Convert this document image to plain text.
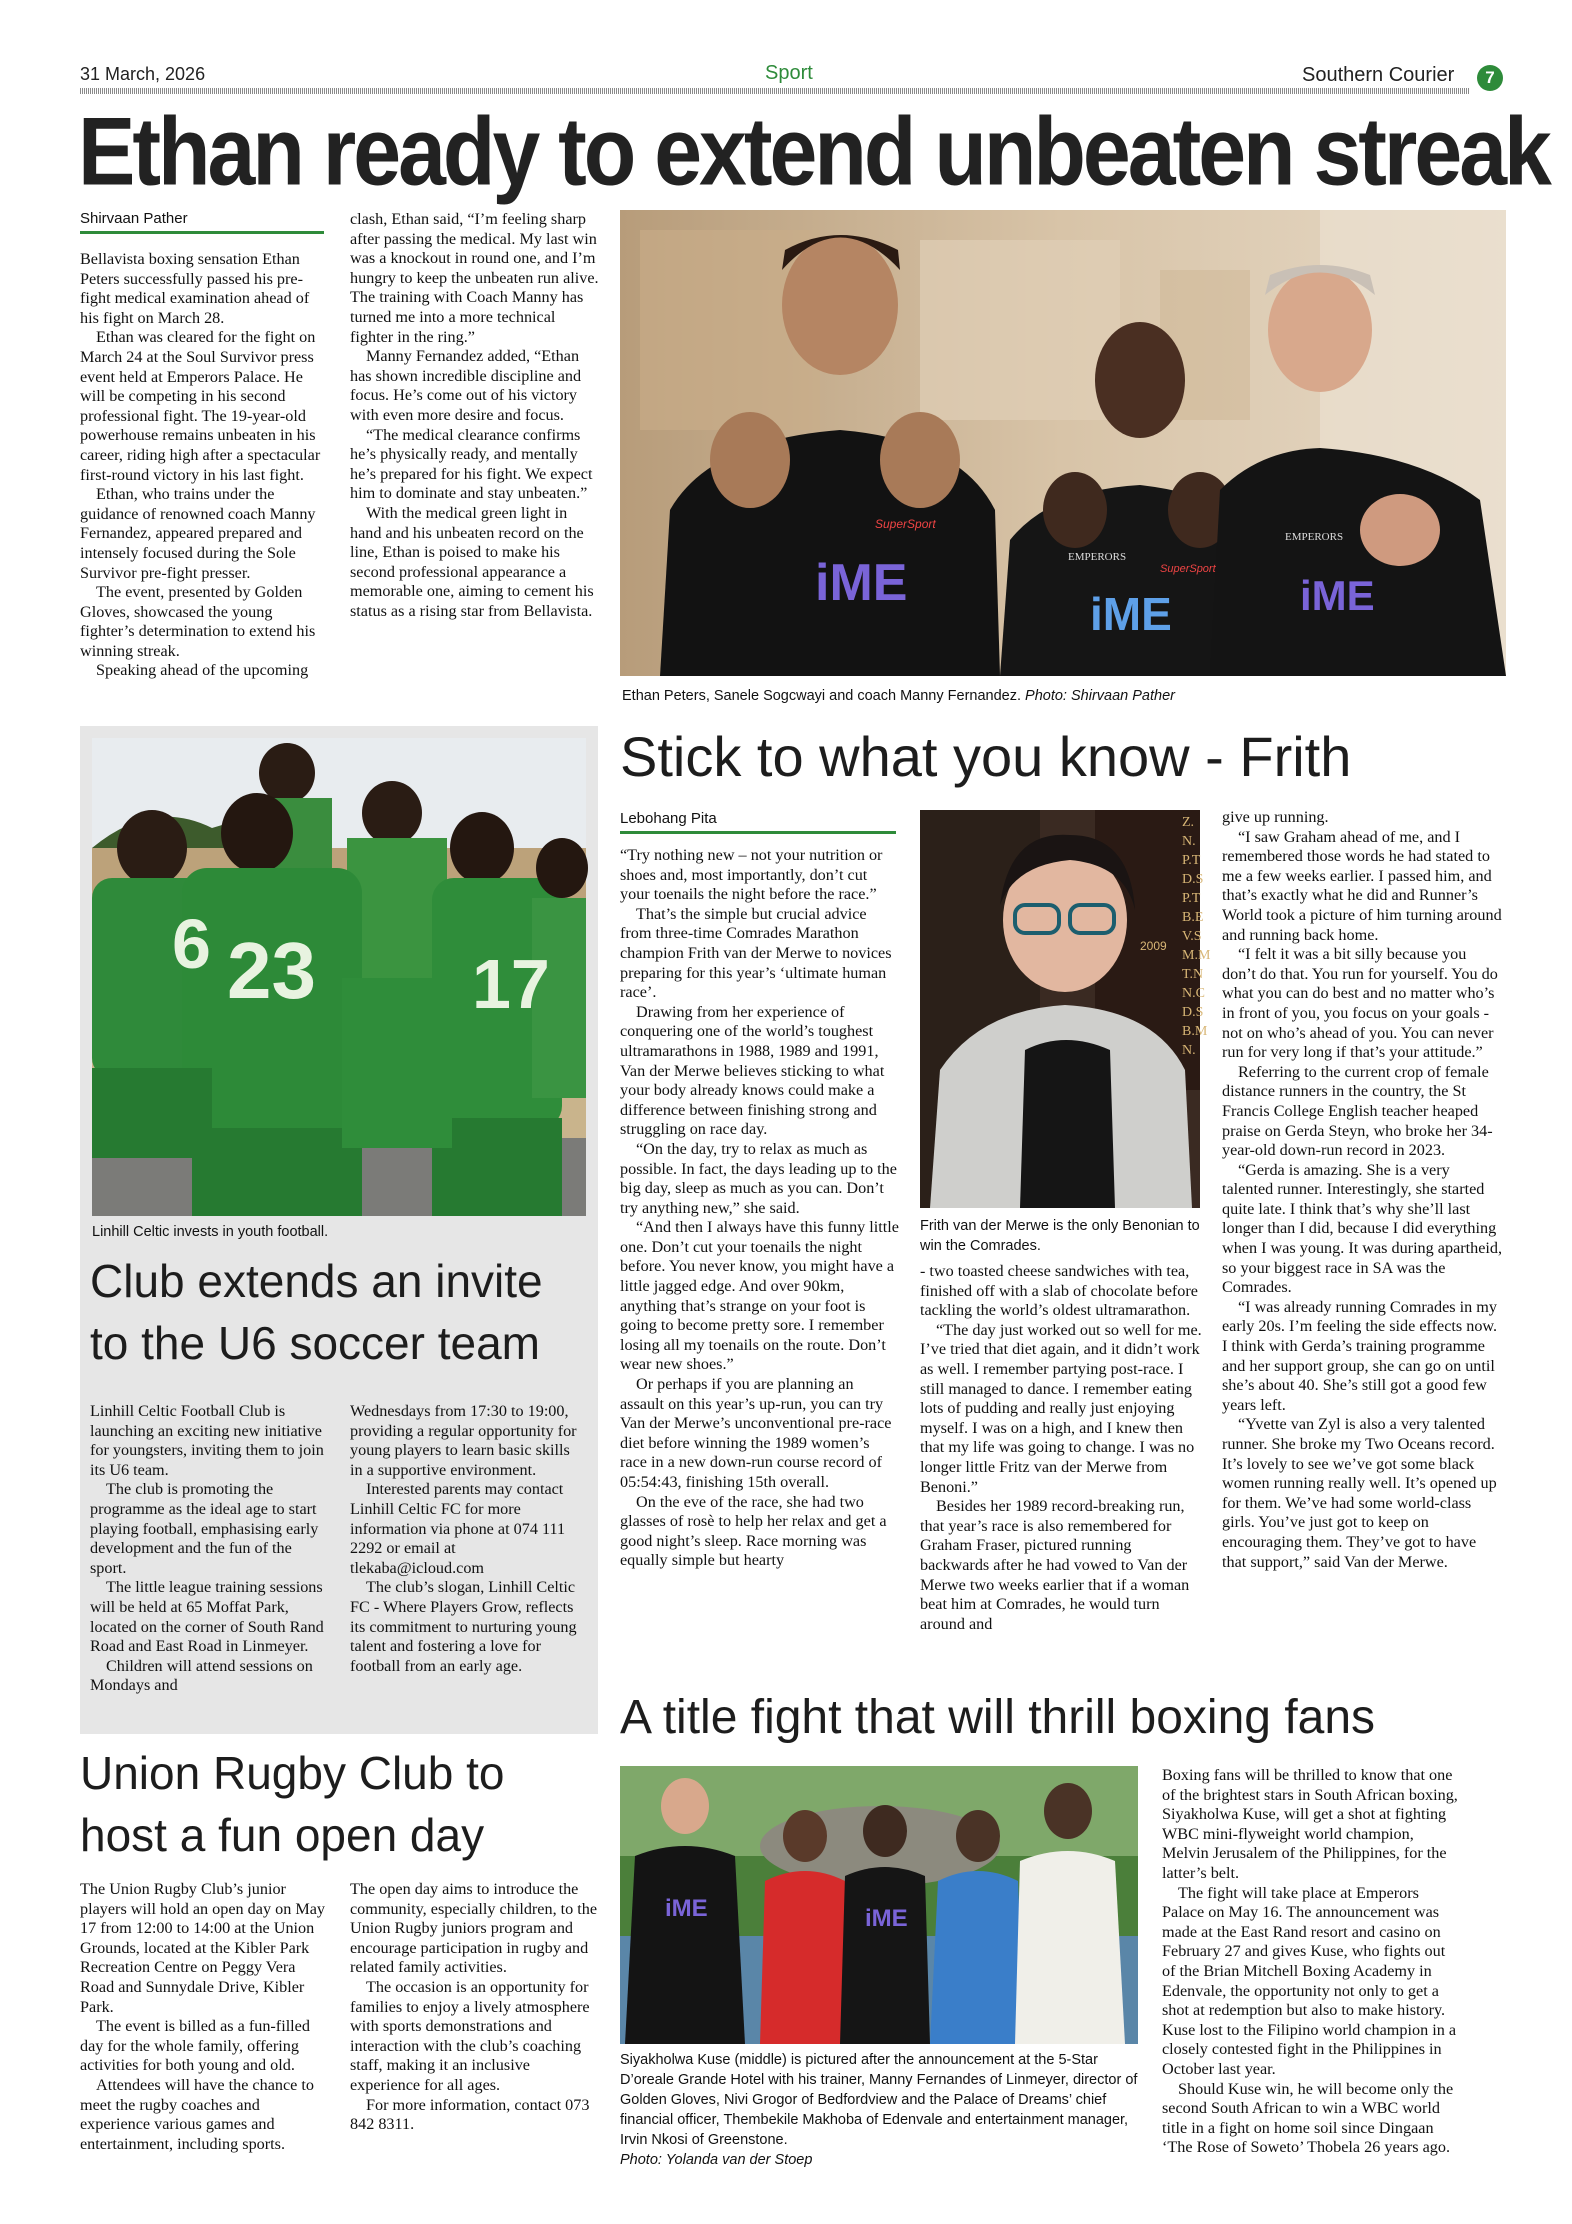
31 March, 2026	Sport	Southern Courier	7
Ethan ready to extend unbeaten streak
Shirvaan Pather

Bellavista boxing sensation Ethan Peters successfully passed his pre-fight medical examination ahead of his fight on March 28.

Ethan was cleared for the fight on March 24 at the Soul Survivor press event held at Emperors Palace. He will be competing in his second professional fight. The 19-year-old powerhouse remains unbeaten in his career, riding high after a spectacular first-round victory in his last fight.

Ethan, who trains under the guidance of renowned coach Manny Fernandez, appeared prepared and intensely focused during the Sole Survivor pre-fight presser.

The event, presented by Golden Gloves, showcased the young fighter’s determination to extend his winning streak.

Speaking ahead of the upcoming

clash, Ethan said, “I’m feeling sharp after passing the medical. My last win was a knockout in round one, and I’m hungry to keep the unbeaten run alive. The training with Coach Manny has turned me into a more technical fighter in the ring.”

Manny Fernandez added, “Ethan has shown incredible discipline and focus. He’s come out of his victory with even more desire and focus.

“The medical clearance confirms he’s physically ready, and mentally he’s prepared for his fight. We expect him to dominate and stay unbeaten.”

With the medical green light in hand and his unbeaten record on the line, Ethan is poised to make his second professional appearance a memorable one, aiming to cement his status as a rising star from Bellavista.	iME
iME	iME
SuperSport
SuperSport
EMPERORS
EMPERORS
Ethan Peters, Sanele Sogcwayi and coach Manny Fernandez. Photo: Shirvaan Pather
6 23 17
Linhill Celtic invests in youth football.
Club extends an invite
to the U6 soccer team

Linhill Celtic Football Club is launching an exciting new initiative for youngsters, inviting them to join its U6 team.

The club is promoting the programme as the ideal age to start playing football, emphasising early development and the fun of the sport.

The little league training sessions will be held at 65 Moffat Park, located on the corner of South Rand Road and East Road in Linmeyer.

Children will attend sessions on Mondays and

Wednesdays from 17:30 to 19:00, providing a regular opportunity for young players to learn basic skills in a supportive environment.

Interested parents may contact Linhill Celtic FC for more information via phone at 074 111 2292 or email at tlekaba@icloud.com

The club’s slogan, Linhill Celtic FC - Where Players Grow, reflects its commitment to nurturing young talent and fostering a love for football from an early age.

Stick to what you know - Frith
Lebohang Pita

“Try nothing new – not your nutrition or shoes and, most importantly, don’t cut your toenails the night before the race.”

That’s the simple but crucial advice from three-time Comrades Marathon champion Frith van der Merwe to novices preparing for this year’s ‘ultimate human race’.

Drawing from her experience of conquering one of the world’s toughest ultramarathons in 1988, 1989 and 1991, Van der Merwe believes sticking to what your body already knows could make a difference between finishing strong and struggling on race day.

“On the day, try to relax as much as possible. In fact, the days leading up to the big day, sleep as much as you can. Don’t try anything new,” she said.

“And then I always have this funny little one. Don’t cut your toenails the night before. You never know, you might have a little jagged edge. And over 90km, anything that’s strange on your foot is going to become pretty sore. I remember losing all my toenails on the route. Don’t wear new shoes.”

Or perhaps if you are planning an assault on this year’s up-run, you can try Van der Merwe’s unconventional pre-race diet before winning the 1989 women’s race in a new down-run course record of 05:54:43, finishing 15th overall.

On the eve of the race, she had two glasses of rosè to help her relax and get a good night’s sleep. Race morning was equally simple but hearty

2009
Z.
N.
P.T
D.S
P.T
B.E
V.S
M.M
T.N
N.C
D.S
B.M
N.
Frith van der Merwe is the only Benonian to win the Comrades.

- two toasted cheese sandwiches with tea, finished off with a slab of chocolate before tackling the world’s oldest ultramarathon.

“The day just worked out so well for me. I’ve tried that diet again, and it didn’t work as well. I remember partying post-race. I still managed to dance. I remember eating lots of pudding and really just enjoying myself. I was on a high, and I knew then that my life was going to change. I was no longer little Fritz van der Merwe from Benoni.”

Besides her 1989 record-breaking run, that year’s race is also remembered for Graham Fraser, pictured running backwards after he had vowed to Van der Merwe two weeks earlier that if a woman beat him at Comrades, he would turn around and

give up running.

“I saw Graham ahead of me, and I remembered those words he had stated to me a few weeks earlier. I passed him, and that’s exactly what he did and Runner’s World took a picture of him turning around and running back home.

“I felt it was a bit silly because you don’t do that. You run for yourself. You do what you can do best and no matter who’s in front of you, you focus on your goals - not on who’s ahead of you. You can never run for very long if that’s your attitude.”

Referring to the current crop of female distance runners in the country, the St Francis College English teacher heaped praise on Gerda Steyn, who broke her 34-year-old down-run record in 2023.

“Gerda is amazing. She is a very talented runner. Interestingly, she started quite late. I think that’s why she’ll last longer than I did, because I did everything when I was young. It was during apartheid, so your biggest race in SA was the Comrades.

“I was already running Comrades in my early 20s. I’m feeling the side effects now. I think with Gerda’s training programme and her support group, she can go on until she’s about 40. She’s still got a good few years left.

“Yvette van Zyl is also a very talented runner. She broke my Two Oceans record. It’s lovely to see we’ve got some black women running really well. It’s opened up for them. We’ve had some world-class girls. You’ve just got to keep on encouraging them. They’ve got to have that support,” said Van der Merwe.

Union Rugby Club to
host a fun open day

The Union Rugby Club’s junior players will hold an open day on May 17 from 12:00 to 14:00 at the Union Grounds, located at the Kibler Park Recreation Centre on Peggy Vera Road and Sunnydale Drive, Kibler Park.

The event is billed as a fun-filled day for the whole family, offering activities for both young and old.

Attendees will have the chance to meet the rugby coaches and experience various games and entertainment, including sports.

The open day aims to introduce the community, especially children, to the Union Rugby juniors program and encourage participation in rugby and related family activities.

The occasion is an opportunity for families to enjoy a lively atmosphere with sports demonstrations and interaction with the club’s coaching staff, making it an inclusive experience for all ages.

For more information, contact 073 842 8311.

A title fight that will thrill boxing fans
iME	iME
Siyakholwa Kuse (middle) is pictured after the announcement at the 5-Star D’oreale Grande Hotel with his trainer, Manny Fernandes of Linmeyer, director of Golden Gloves, Nivi Grogor of Bedfordview and the Palace of Dreams’ chief financial officer, Thembekile Makhoba of Edenvale and entertainment manager, Irvin Nkosi of Greenstone.
Photo: Yolanda van der Stoep

Boxing fans will be thrilled to know that one of the brightest stars in South African boxing, Siyakholwa Kuse, will get a shot at fighting WBC mini-flyweight world champion, Melvin Jerusalem of the Philippines, for the latter’s belt.

The fight will take place at Emperors Palace on May 16. The announcement was made at the East Rand resort and casino on February 27 and gives Kuse, who fights out of the Brian Mitchell Boxing Academy in Edenvale, the opportunity not only to get a shot at redemption but also to make history. Kuse lost to the Filipino world champion in a closely contested fight in the Philippines in October last year.

Should Kuse win, he will become only the second South African to win a WBC world title in a fight on home soil since Dingaan ‘The Rose of Soweto’ Thobela 26 years ago.
